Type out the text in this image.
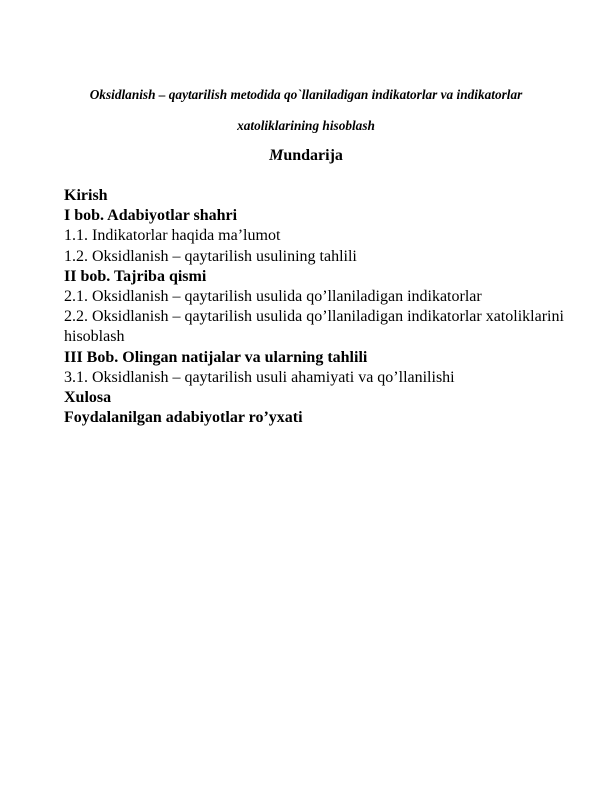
Oksidlanish – qaytarilish metodida qo`llaniladigan indikatorlar va indikatorlar
xatoliklarining hisoblash
Mundarija
Kirish
I bob. Adabiyotlar shahri
1.1. Indikatorlar haqida ma’lumot
1.2. Oksidlanish – qaytarilish usulining tahlili
II bob. Tajriba qismi
2.1. Oksidlanish – qaytarilish usulida qo’llaniladigan indikatorlar
2.2. Oksidlanish – qaytarilish usulida qo’llaniladigan indikatorlar xatoliklarini
hisoblash
III Bob. Olingan natijalar va ularning tahlili
3.1. Oksidlanish – qaytarilish usuli ahamiyati va qo’llanilishi
Xulosa
Foydalanilgan adabiyotlar ro’yxati
